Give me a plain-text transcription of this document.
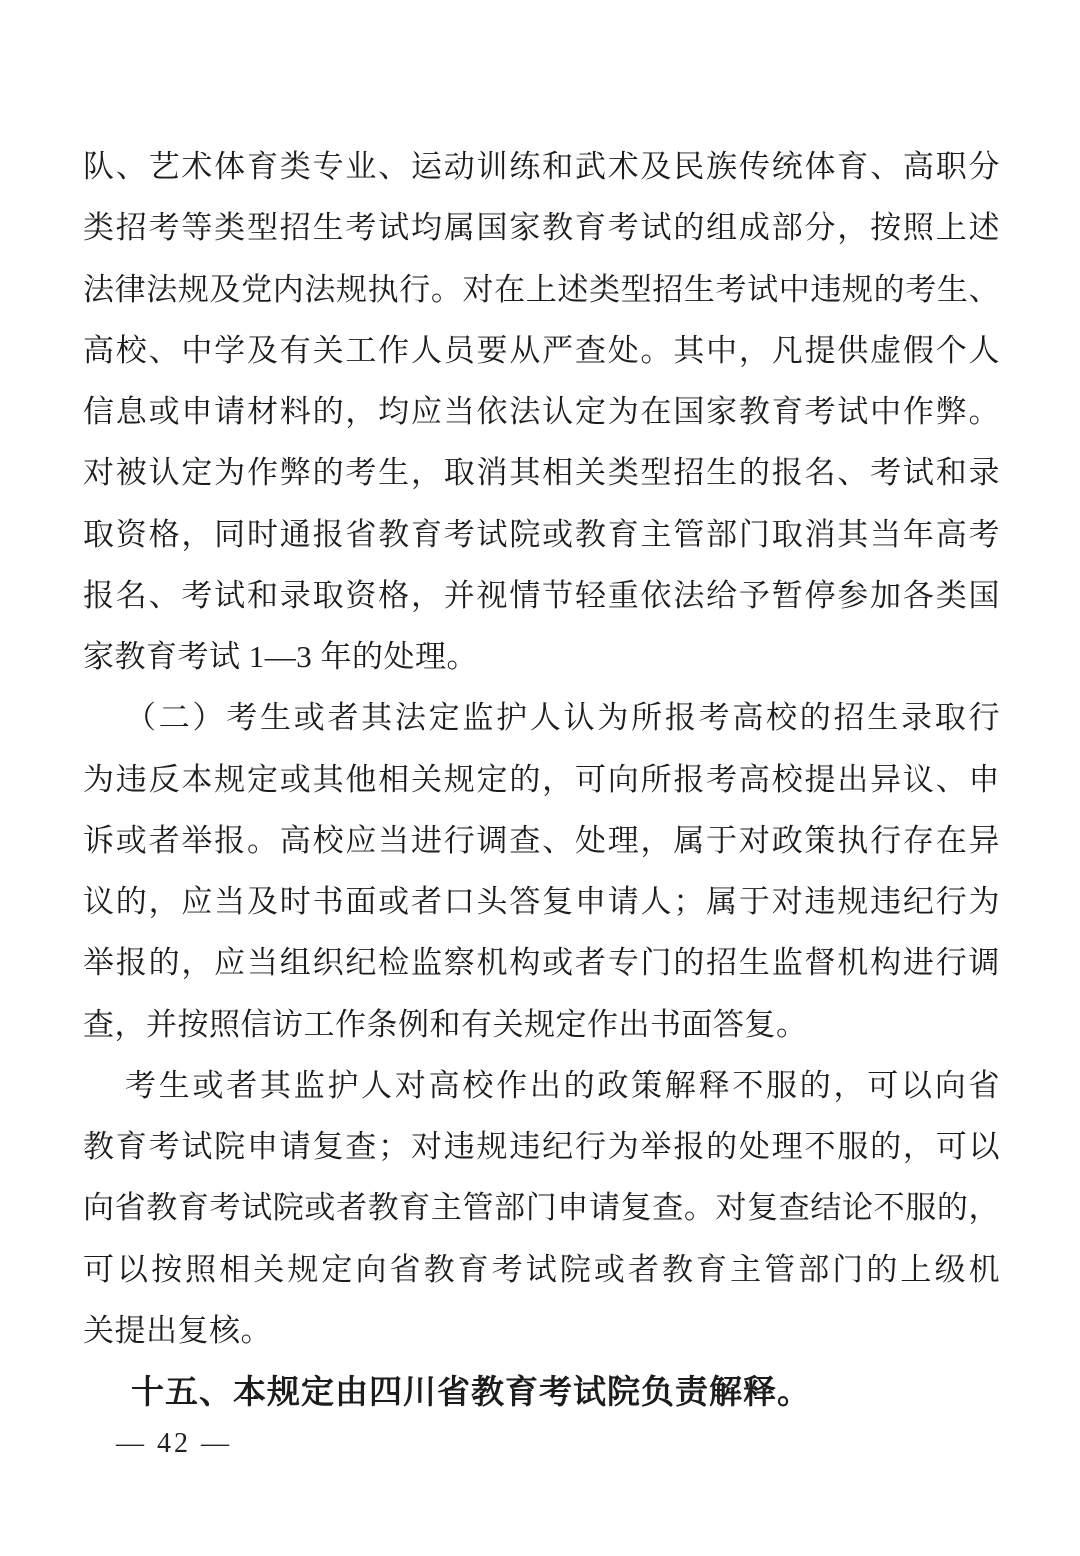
队、艺术体育类专业、运动训练和武术及民族传统体育、高职分
类招考等类型招生考试均属国家教育考试的组成部分，按照上述
法律法规及党内法规执行。对在上述类型招生考试中违规的考生、
高校、中学及有关工作人员要从严查处。其中，凡提供虚假个人
信息或申请材料的，均应当依法认定为在国家教育考试中作弊。
对被认定为作弊的考生，取消其相关类型招生的报名、考试和录
取资格，同时通报省教育考试院或教育主管部门取消其当年高考
报名、考试和录取资格，并视情节轻重依法给予暂停参加各类国
家教育考试 1—3 年的处理。
（二）考生或者其法定监护人认为所报考高校的招生录取行
为违反本规定或其他相关规定的，可向所报考高校提出异议、申
诉或者举报。高校应当进行调查、处理，属于对政策执行存在异
议的，应当及时书面或者口头答复申请人；属于对违规违纪行为
举报的，应当组织纪检监察机构或者专门的招生监督机构进行调
查，并按照信访工作条例和有关规定作出书面答复。
考生或者其监护人对高校作出的政策解释不服的，可以向省
教育考试院申请复查；对违规违纪行为举报的处理不服的，可以
向省教育考试院或者教育主管部门申请复查。对复查结论不服的，
可以按照相关规定向省教育考试院或者教育主管部门的上级机
关提出复核。
十五、本规定由四川省教育考试院负责解释。
— 42 —
